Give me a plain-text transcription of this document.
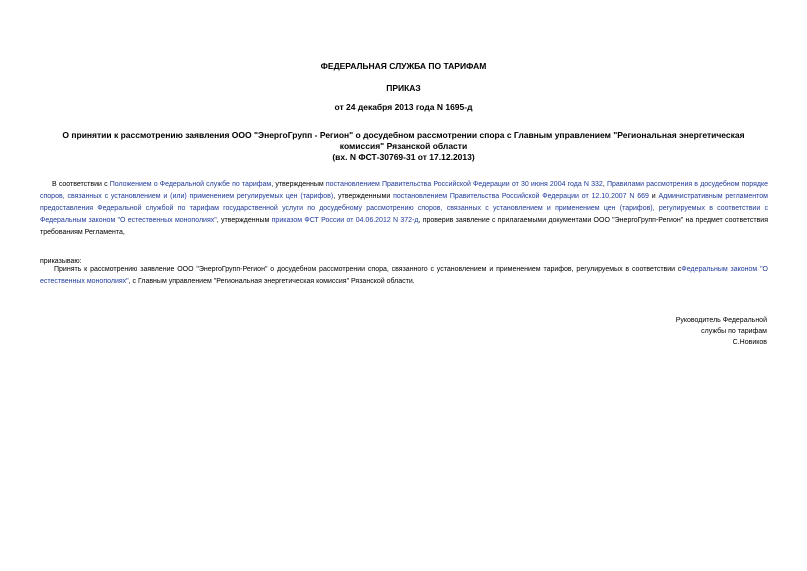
ФЕДЕРАЛЬНАЯ СЛУЖБА ПО ТАРИФАМ
ПРИКАЗ
от 24 декабря 2013 года N 1695-д
О принятии к рассмотрению заявления ООО "ЭнергоГрупп - Регион" о досудебном рассмотрении спора с Главным управлением "Региональная энергетическая
комиссия" Рязанской области
(вх. N ФСТ-30769-31 от 17.12.2013)
В соответствии с Положением о Федеральной службе по тарифам, утвержденным постановлением Правительства Российской Федерации от 30 июня 2004 года N 332, Правилами рассмотрения в досудебном порядке споров, связанных с установлением и (или) применением регулируемых цен (тарифов), утвержденными постановлением Правительства Российской Федерации от 12.10.2007 N 669 и Административным регламентом предоставления Федеральной службой по тарифам государственной услуги по досудебному рассмотрению споров, связанных с установлением и применением цен (тарифов), регулируемых в соответствии с Федеральным законом "О естественных монополиях", утвержденным приказом ФСТ России от 04.06.2012 N 372-д, проверив заявление с прилагаемыми документами ООО "ЭнергоГрупп-Регион" на предмет соответствия требованиям Регламента,
приказываю:
Принять к рассмотрению заявление ООО "ЭнергоГрупп-Регион" о досудебном рассмотрении спора, связанного с установлением и применением тарифов, регулируемых в соответствии сФедеральным законом "О естественных монополиях", с Главным управлением "Региональная энергетическая комиссия" Рязанской области.
Руководитель Федеральной
службы по тарифам
С.Новиков
